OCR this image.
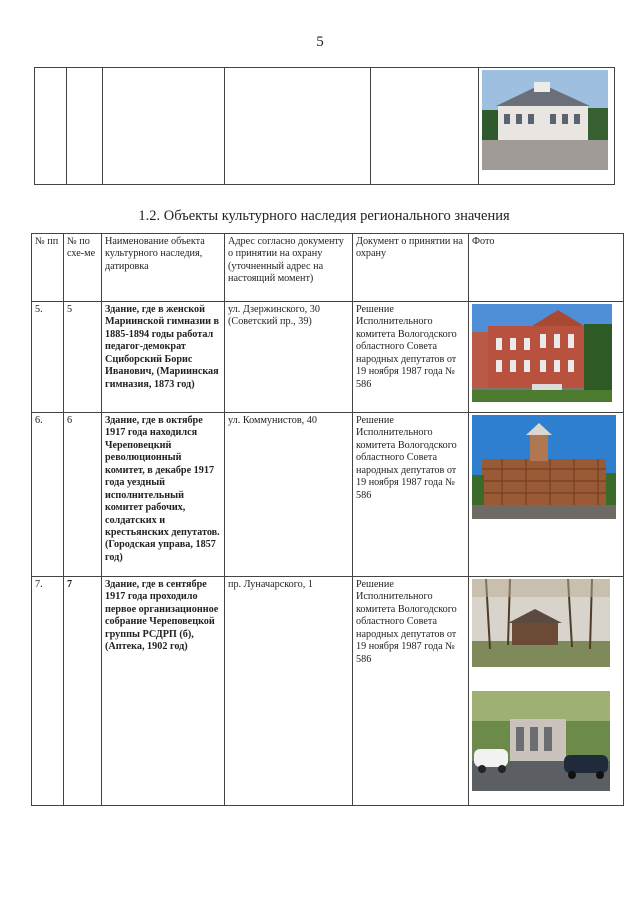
5

1.2. Объекты культурного наследия регионального значения
№ пп	№ по схе-ме	Наименование объекта культурного наследия, датировка	Адрес согласно документу о принятии на охрану (уточненный адрес на настоящий момент)	Документ о принятии на охрану	Фото
5.	5	Здание, где в женской Мариинской гимназии в 1885-1894 годы работал педагог-демократ Сциборский Борис Иванович, (Мариинская гимназия, 1873 год)	ул. Дзержинского, 30 (Советский пр., 39)	Решение Исполнительного комитета Вологодского областного Совета народных депутатов от 19 ноября 1987 года № 586	

6.	6	Здание, где в октябре 1917 года находился Череповецкий революционный комитет, в декабре 1917 года уездный исполнительный комитет рабочих, солдатских и крестьянских депутатов. (Городская управа, 1857 год)	ул. Коммунистов, 40	Решение Исполнительного комитета Вологодского областного Совета народных депутатов от 19 ноября 1987 года № 586	

7.	7	Здание, где в сентябре 1917 года проходило первое организационное собрание Череповецкой группы РСДРП (б), (Аптека, 1902 год)	пр. Луначарского, 1	Решение Исполнительного комитета Вологодского областного Совета народных депутатов от 19 ноября 1987 года № 586	
